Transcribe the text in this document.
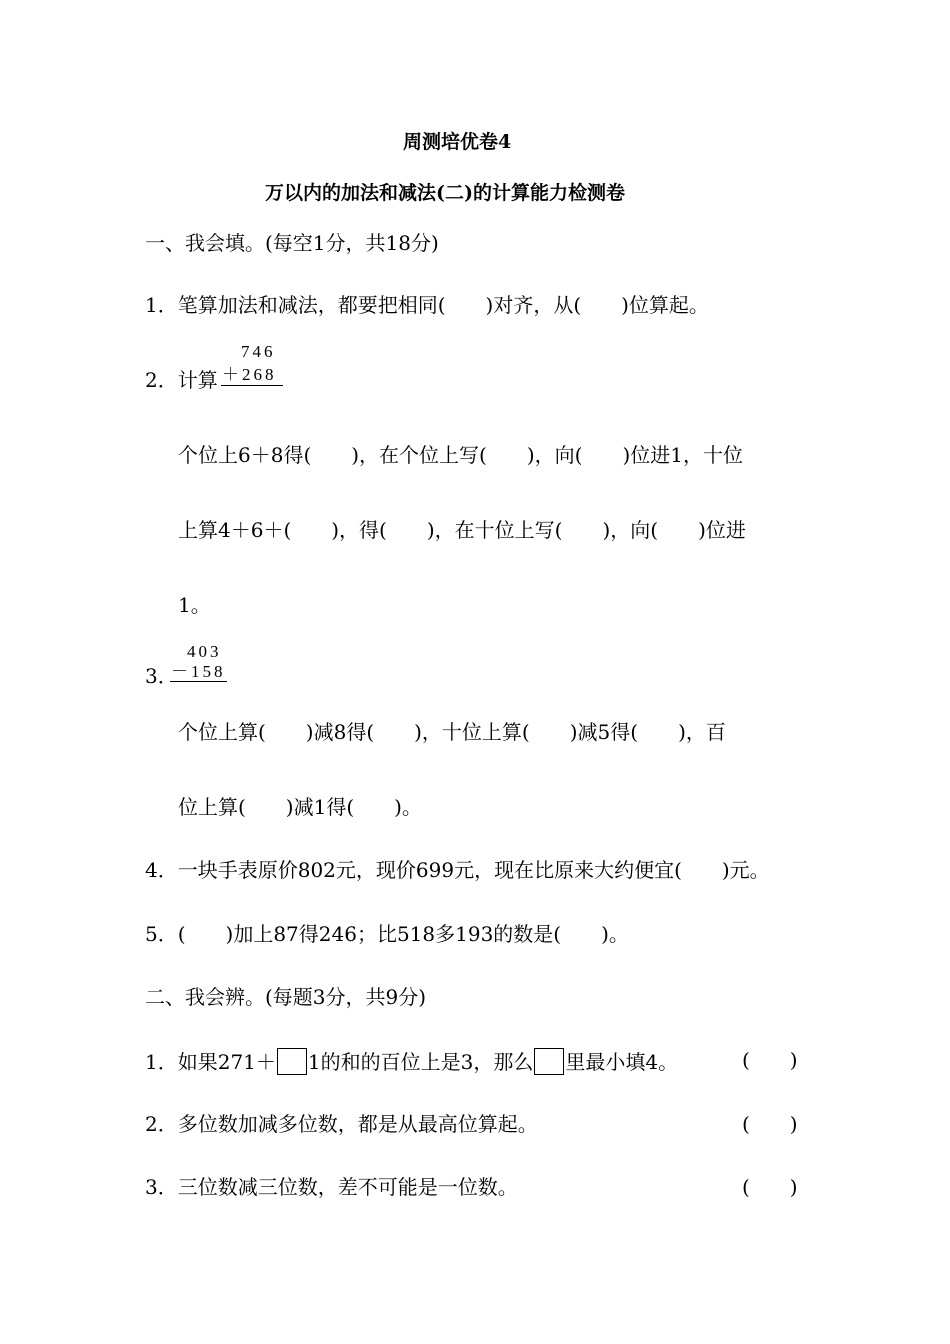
周测培优卷4
万以内的加法和减法(二)的计算能力检测卷
一、我会填。(每空1分，共18分)
1．笔算加法和减法，都要把相同(　　)对齐，从(　　)位算起。
746
2．计算 ＋268
个位上6＋8得(　　)，在个位上写(　　)，向(　　)位进1，十位
上算4＋6＋(　　)，得(　　)，在十位上写(　　)，向(　　)位进
1。
403
3．
－158
个位上算(　　)减8得(　　)，十位上算(　　)减5得(　　)，百
位上算(　　)减1得(　　)。
4．一块手表原价802元，现价699元，现在比原来大约便宜(　　)元。
5．(　　)加上87得246；比518多193的数是(　　)。
二、我会辨。(每题3分，共9分)
1．如果271＋ 1的和的百位上是3，那么 里最小填4。	(　　)
2．多位数加减多位数，都是从最高位算起。	(　　)
3．三位数减三位数，差不可能是一位数。	(　　)
